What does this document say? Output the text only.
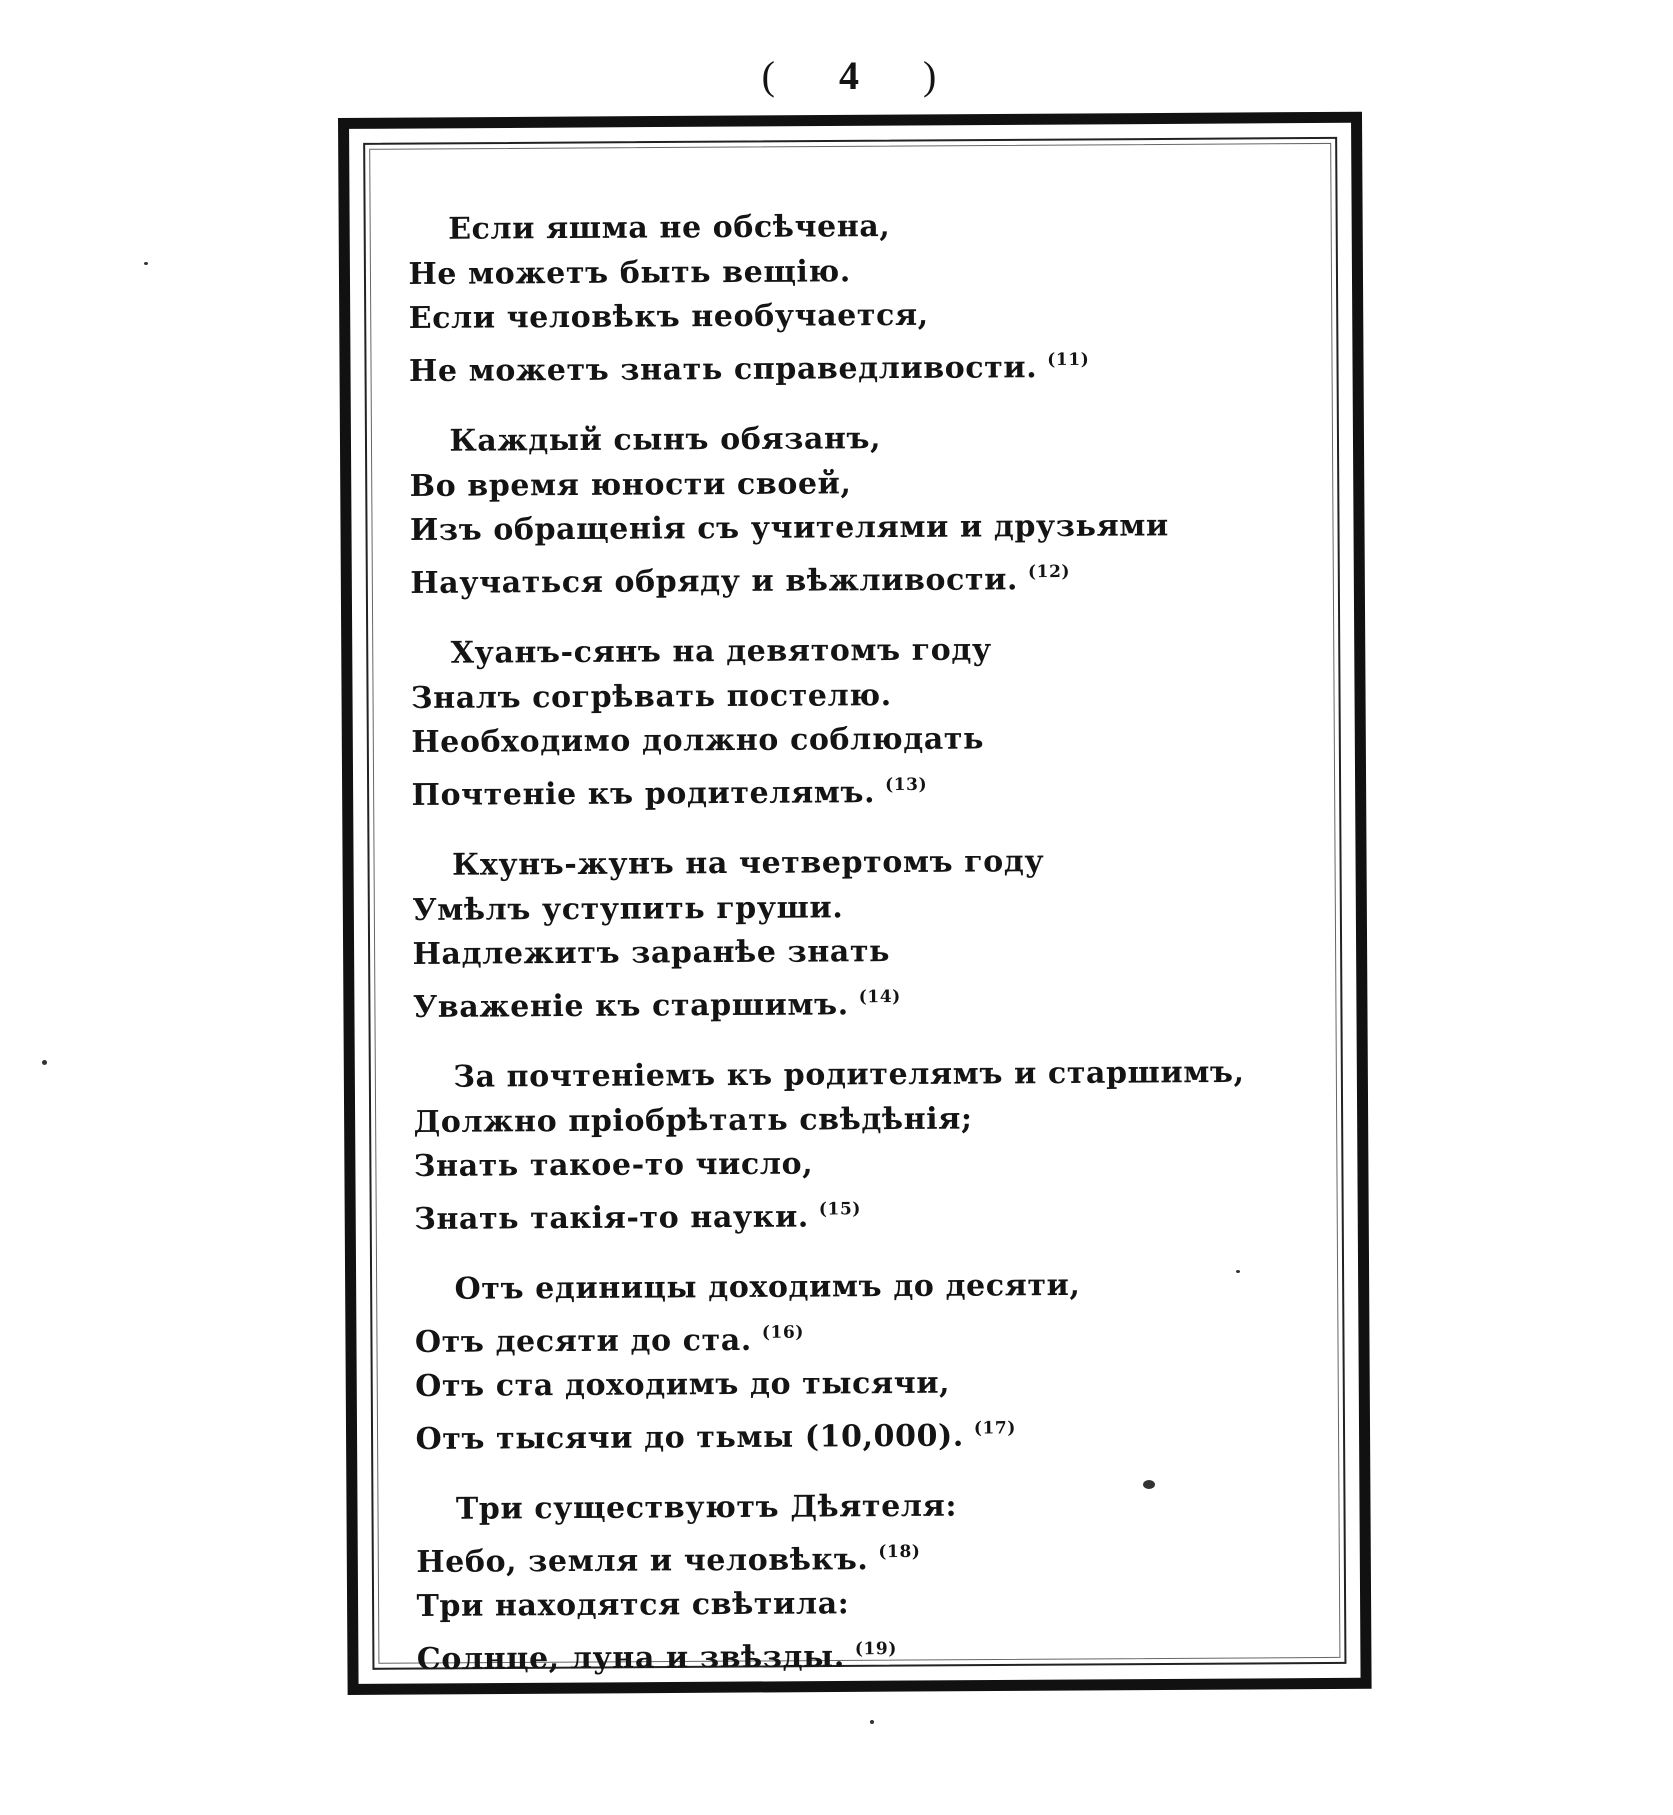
( 4 )
Если яшма не обсѣчена,
Не можетъ быть вещію.
Если человѣкъ необучается,
Не можетъ знать справедливости. $^{(11)}$
Каждый сынъ обязанъ,
Во время юности своей,
Изъ обращенія съ учителями и друзьями
Научаться обряду и вѣжливости. $^{(12)}$
Хуанъ-сянъ на девятомъ году
Зналъ согрѣвать постелю.
Необходимо должно соблюдать
Почтеніе къ родителямъ. $^{(13)}$
Кхунъ-жунъ на четвертомъ году
Умѣлъ уступить груши.
Надлежитъ заранѣе знать
Уваженіе къ старшимъ. $^{(14)}$
За почтеніемъ къ родителямъ и старшимъ,
Должно пріобрѣтать свѣдѣнія;
Знать такое-то число,
Знать такія-то науки. $^{(15)}$
Отъ единицы доходимъ до десяти,
Отъ десяти до ста. $^{(16)}$
Отъ ста доходимъ до тысячи,
Отъ тысячи до тьмы (10,000). $^{(17)}$
Три существуютъ Дѣятеля:
Небо, земля и человѣкъ. $^{(18)}$
Три находятся свѣтила:
Солнце, луна и звѣзды. $^{(19)}$
